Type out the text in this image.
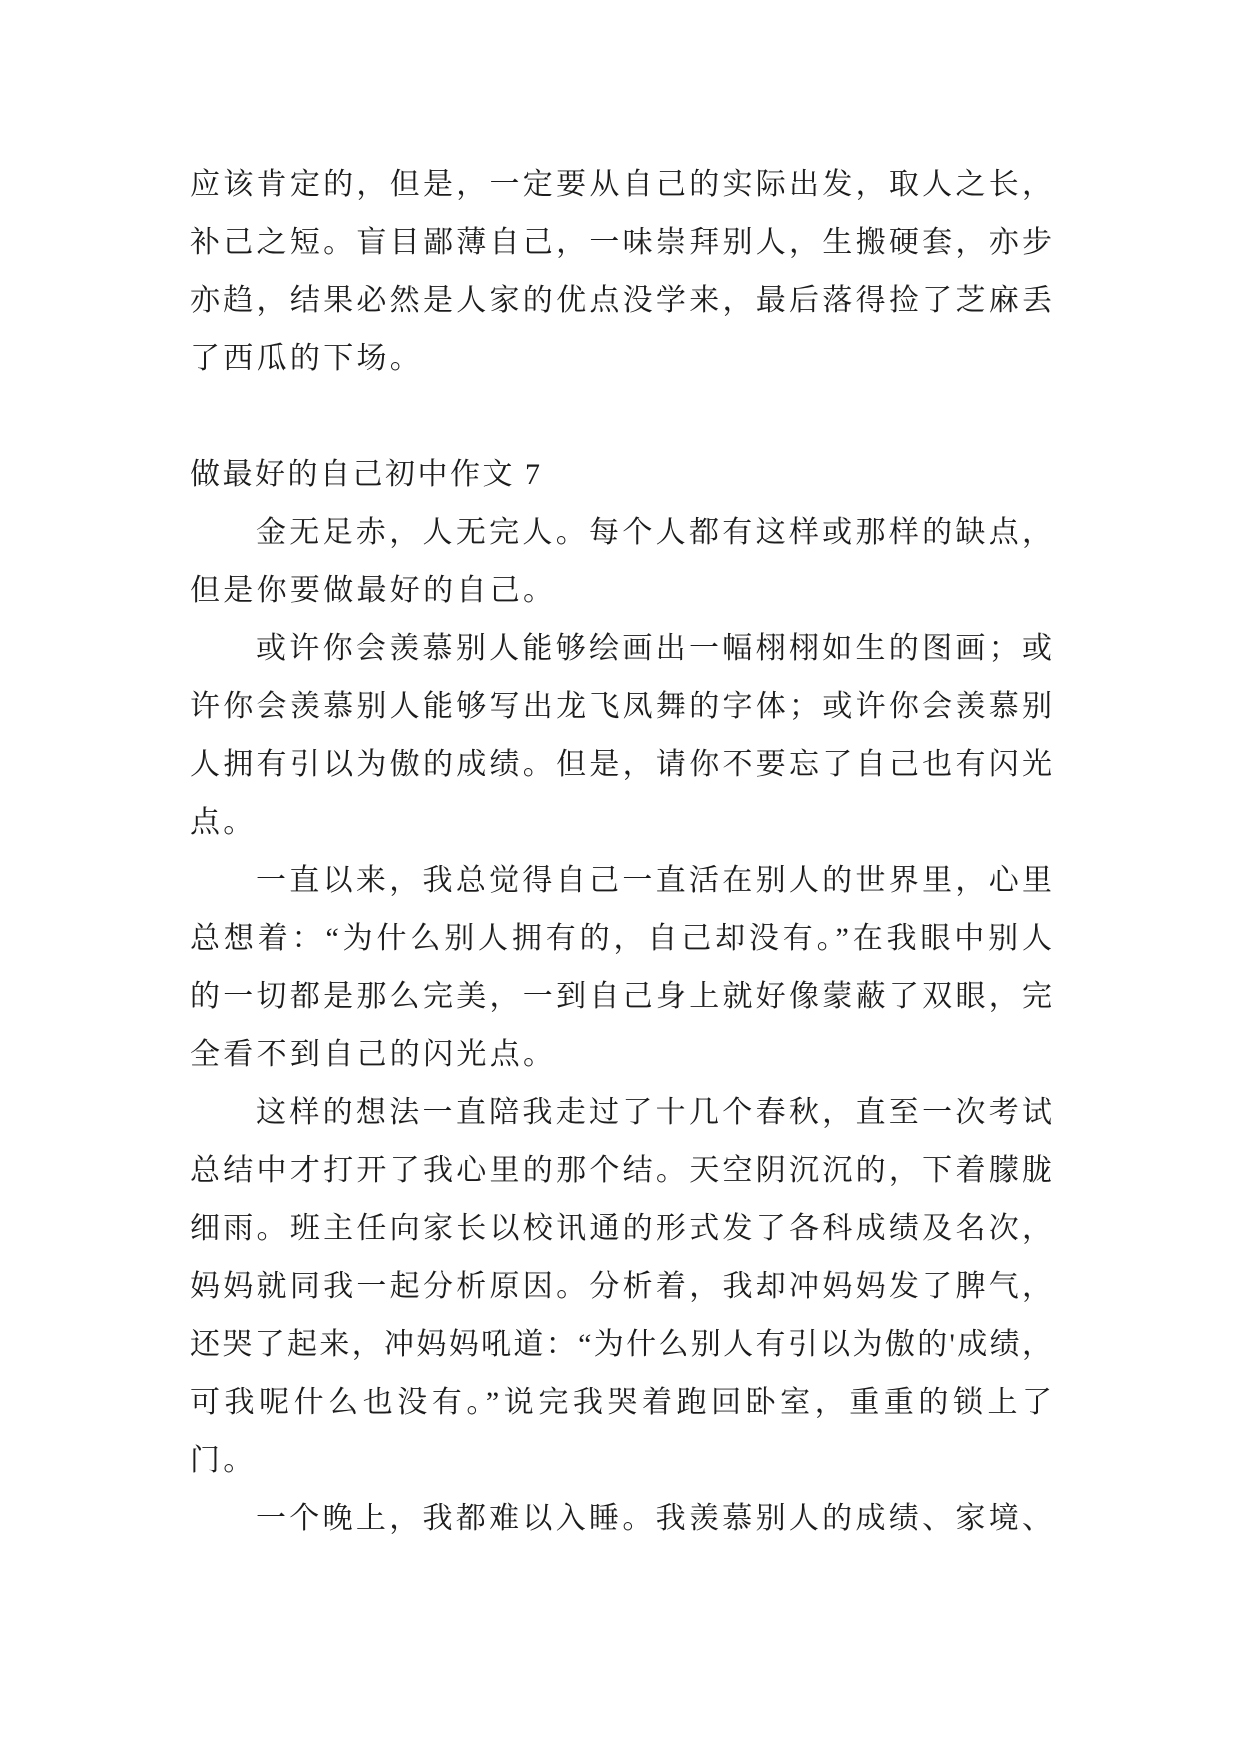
应该肯定的，但是，一定要从自己的实际出发，取人之长，
补己之短。盲目鄙薄自己，一味崇拜别人，生搬硬套，亦步
亦趋，结果必然是人家的优点没学来，最后落得捡了芝麻丢
了西瓜的下场。
做最好的自己初中作文 7
金无足赤，人无完人。每个人都有这样或那样的缺点，
但是你要做最好的自己。
或许你会羡慕别人能够绘画出一幅栩栩如生的图画；或
许你会羡慕别人能够写出龙飞凤舞的字体；或许你会羡慕别
人拥有引以为傲的成绩。但是，请你不要忘了自己也有闪光
点。
一直以来，我总觉得自己一直活在别人的世界里，心里
总想着：“为什么别人拥有的，自己却没有。”在我眼中别人
的一切都是那么完美，一到自己身上就好像蒙蔽了双眼，完
全看不到自己的闪光点。
这样的想法一直陪我走过了十几个春秋，直至一次考试
总结中才打开了我心里的那个结。天空阴沉沉的，下着朦胧
细雨。班主任向家长以校讯通的形式发了各科成绩及名次，
妈妈就同我一起分析原因。分析着，我却冲妈妈发了脾气，
还哭了起来，冲妈妈吼道：“为什么别人有引以为傲的'成绩，
可我呢什么也没有。”说完我哭着跑回卧室，重重的锁上了
门。
一个晚上，我都难以入睡。我羡慕别人的成绩、家境、
